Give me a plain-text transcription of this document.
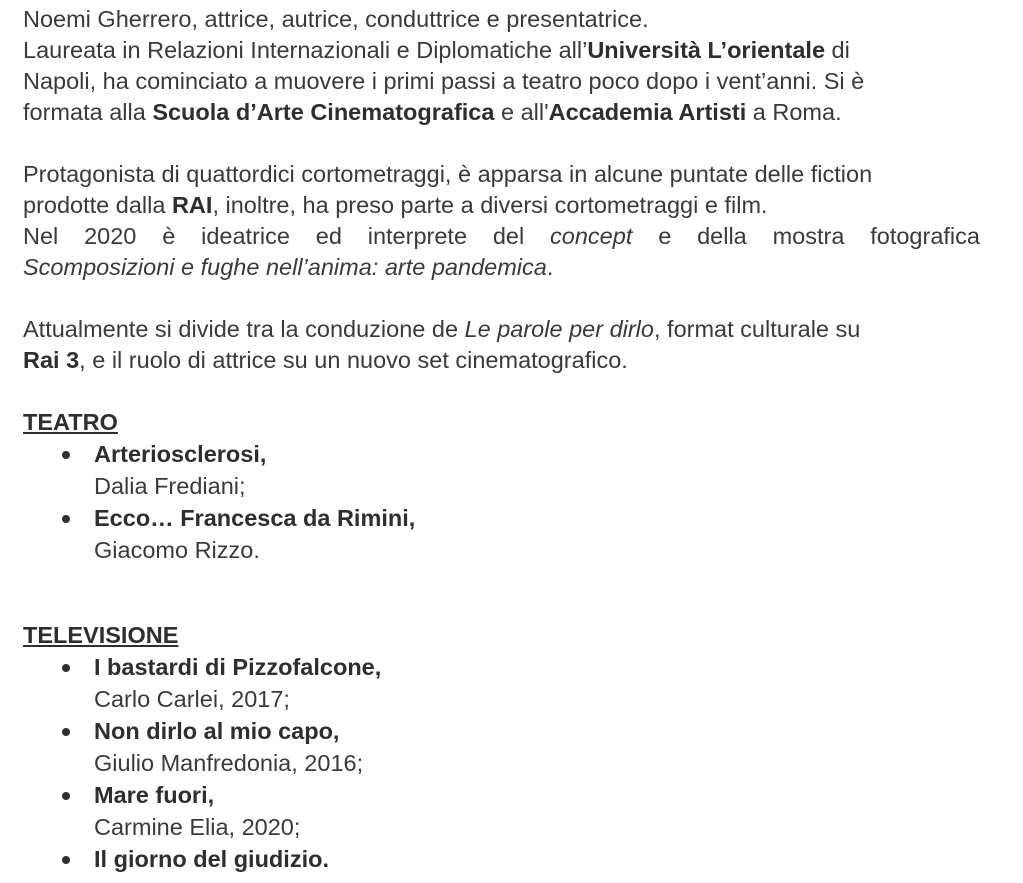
Noemi Gherrero, attrice, autrice, conduttrice e presentatrice.
Laureata in Relazioni Internazionali e Diplomatiche all’Università L’orientale di
Napoli, ha cominciato a muovere i primi passi a teatro poco dopo i vent’anni. Si è
formata alla Scuola d’Arte Cinematografica e all'Accademia Artisti a Roma.
Protagonista di quattordici cortometraggi, è apparsa in alcune puntate delle fiction
prodotte dalla RAI, inoltre, ha preso parte a diversi cortometraggi e film.
Nel 2020 è ideatrice ed interprete del concept e della mostra fotografica
Scomposizioni e fughe nell’anima: arte pandemica.
Attualmente si divide tra la conduzione de Le parole per dirlo, format culturale su
Rai 3, e il ruolo di attrice su un nuovo set cinematografico.
TEATRO
Arteriosclerosi,
Dalia Frediani;
Ecco… Francesca da Rimini,
Giacomo Rizzo.
TELEVISIONE
I bastardi di Pizzofalcone,
Carlo Carlei, 2017;
Non dirlo al mio capo,
Giulio Manfredonia, 2016;
Mare fuori,
Carmine Elia, 2020;
Il giorno del giudizio.
